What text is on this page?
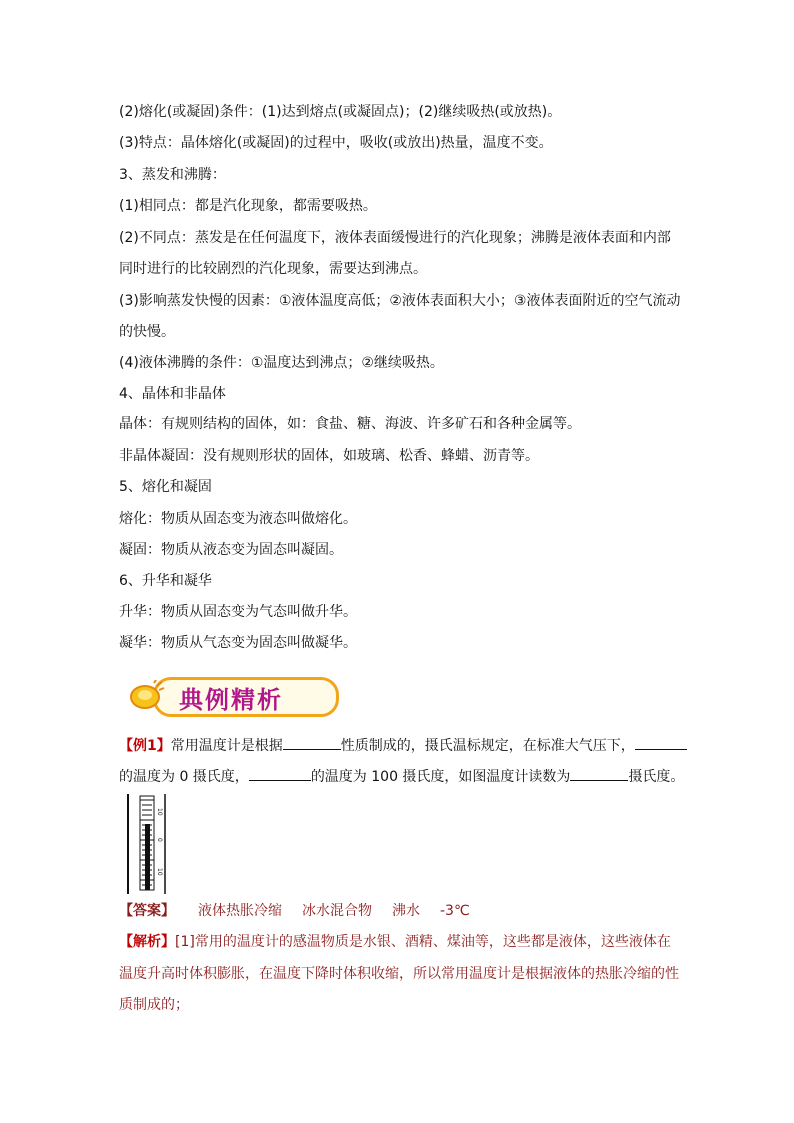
(2)熔化(或凝固)条件：(1)达到熔点(或凝固点)；(2)继续吸热(或放热)。
(3)特点：晶体熔化(或凝固)的过程中，吸收(或放出)热量，温度不变。
3、蒸发和沸腾：
(1)相同点：都是汽化现象，都需要吸热。
(2)不同点：蒸发是在任何温度下，液体表面缓慢进行的汽化现象；沸腾是液体表面和内部
同时进行的比较剧烈的汽化现象，需要达到沸点。
(3)影响蒸发快慢的因素：①液体温度高低；②液体表面积大小；③液体表面附近的空气流动
的快慢。
(4)液体沸腾的条件：①温度达到沸点；②继续吸热。
4、晶体和非晶体
晶体：有规则结构的固体，如：食盐、糖、海波、许多矿石和各种金属等。
非晶体凝固：没有规则形状的固体，如玻璃、松香、蜂蜡、沥青等。
5、熔化和凝固
熔化：物质从固态变为液态叫做熔化。
凝固：物质从液态变为固态叫凝固。
6、升华和凝华
升华：物质从固态变为气态叫做升华。
凝华：物质从气态变为固态叫做凝华。
典例精析
【例1】常用温度计是根据	性质制成的，摄氏温标规定，在标准大气压下，
的温度为 0 摄氏度，	的温度为 100 摄氏度，如图温度计读数为	摄氏度。
10
0
10
【答案】 液体热胀冷缩 冰水混合物 沸水 -3℃
【解析】[1]常用的温度计的感温物质是水银、酒精、煤油等，这些都是液体，这些液体在
温度升高时体积膨胀，在温度下降时体积收缩，所以常用温度计是根据液体的热胀冷缩的性
质制成的；
